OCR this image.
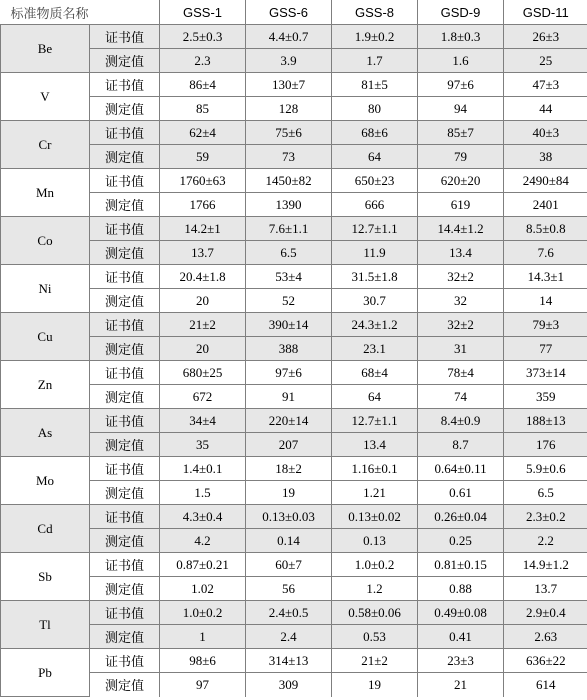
标准物质名称		GSS-1	GSS-6	GSS-8	GSD-9	GSD-11
Be	证书值	2.5±0.3	4.4±0.7	1.9±0.2	1.8±0.3	26±3
	测定值	2.3	3.9	1.7	1.6	25
V	证书值	86±4	130±7	81±5	97±6	47±3
	测定值	85	128	80	94	44
Cr	证书值	62±4	75±6	68±6	85±7	40±3
	测定值	59	73	64	79	38
Mn	证书值	1760±63	1450±82	650±23	620±20	2490±84
	测定值	1766	1390	666	619	2401
Co	证书值	14.2±1	7.6±1.1	12.7±1.1	14.4±1.2	8.5±0.8
	测定值	13.7	6.5	11.9	13.4	7.6
Ni	证书值	20.4±1.8	53±4	31.5±1.8	32±2	14.3±1
	测定值	20	52	30.7	32	14
Cu	证书值	21±2	390±14	24.3±1.2	32±2	79±3
	测定值	20	388	23.1	31	77
Zn	证书值	680±25	97±6	68±4	78±4	373±14
	测定值	672	91	64	74	359
As	证书值	34±4	220±14	12.7±1.1	8.4±0.9	188±13
	测定值	35	207	13.4	8.7	176
Mo	证书值	1.4±0.1	18±2	1.16±0.1	0.64±0.11	5.9±0.6
	测定值	1.5	19	1.21	0.61	6.5
Cd	证书值	4.3±0.4	0.13±0.03	0.13±0.02	0.26±0.04	2.3±0.2
	测定值	4.2	0.14	0.13	0.25	2.2
Sb	证书值	0.87±0.21	60±7	1.0±0.2	0.81±0.15	14.9±1.2
	测定值	1.02	56	1.2	0.88	13.7
Tl	证书值	1.0±0.2	2.4±0.5	0.58±0.06	0.49±0.08	2.9±0.4
	测定值	1	2.4	0.53	0.41	2.63
Pb	证书值	98±6	314±13	21±2	23±3	636±22
	测定值	97	309	19	21	614
